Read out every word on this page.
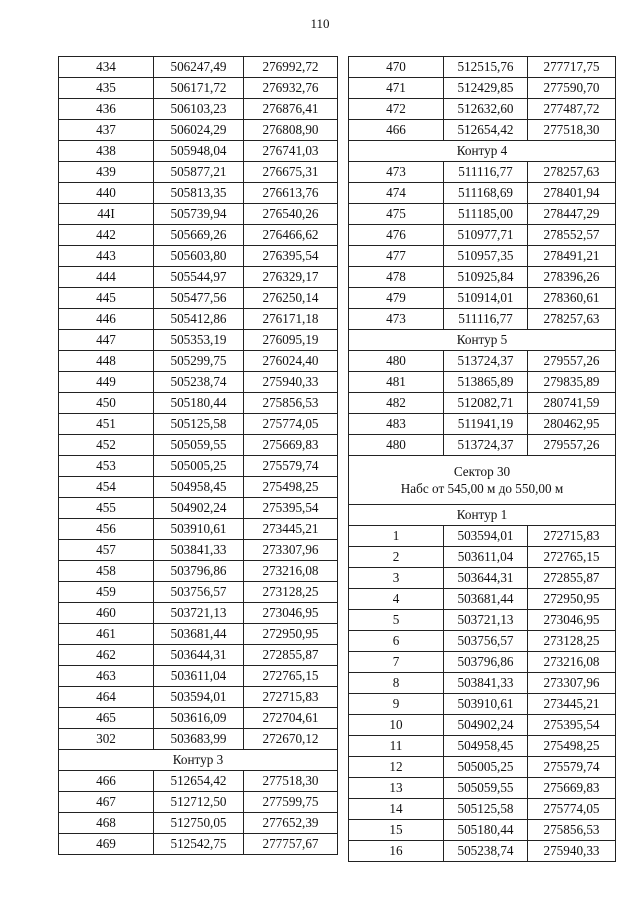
110
434	506247,49	276992,72
435	506171,72	276932,76
436	506103,23	276876,41
437	506024,29	276808,90
438	505948,04	276741,03
439	505877,21	276675,31
440	505813,35	276613,76
44I	505739,94	276540,26
442	505669,26	276466,62
443	505603,80	276395,54
444	505544,97	276329,17
445	505477,56	276250,14
446	505412,86	276171,18
447	505353,19	276095,19
448	505299,75	276024,40
449	505238,74	275940,33
450	505180,44	275856,53
451	505125,58	275774,05
452	505059,55	275669,83
453	505005,25	275579,74
454	504958,45	275498,25
455	504902,24	275395,54
456	503910,61	273445,21
457	503841,33	273307,96
458	503796,86	273216,08
459	503756,57	273128,25
460	503721,13	273046,95
461	503681,44	272950,95
462	503644,31	272855,87
463	503611,04	272765,15
464	503594,01	272715,83
465	503616,09	272704,61
302	503683,99	272670,12
Контур 3		
466	512654,42	277518,30
467	512712,50	277599,75
468	512750,05	277652,39
469	512542,75	277757,67
470	512515,76	277717,75
471	512429,85	277590,70
472	512632,60	277487,72
466	512654,42	277518,30
Контур 4		
473	511116,77	278257,63
474	511168,69	278401,94
475	511185,00	278447,29
476	510977,71	278552,57
477	510957,35	278491,21
478	510925,84	278396,26
479	510914,01	278360,61
473	511116,77	278257,63
Контур 5		
480	513724,37	279557,26
481	513865,89	279835,89
482	512082,71	280741,59
483	511941,19	280462,95
480	513724,37	279557,26

Сектор 30
Набс от 545,00 м до 550,00 м		

Контур 1		
1	503594,01	272715,83
2	503611,04	272765,15
3	503644,31	272855,87
4	503681,44	272950,95
5	503721,13	273046,95
6	503756,57	273128,25
7	503796,86	273216,08
8	503841,33	273307,96
9	503910,61	273445,21
10	504902,24	275395,54
11	504958,45	275498,25
12	505005,25	275579,74
13	505059,55	275669,83
14	505125,58	275774,05
15	505180,44	275856,53
16	505238,74	275940,33
